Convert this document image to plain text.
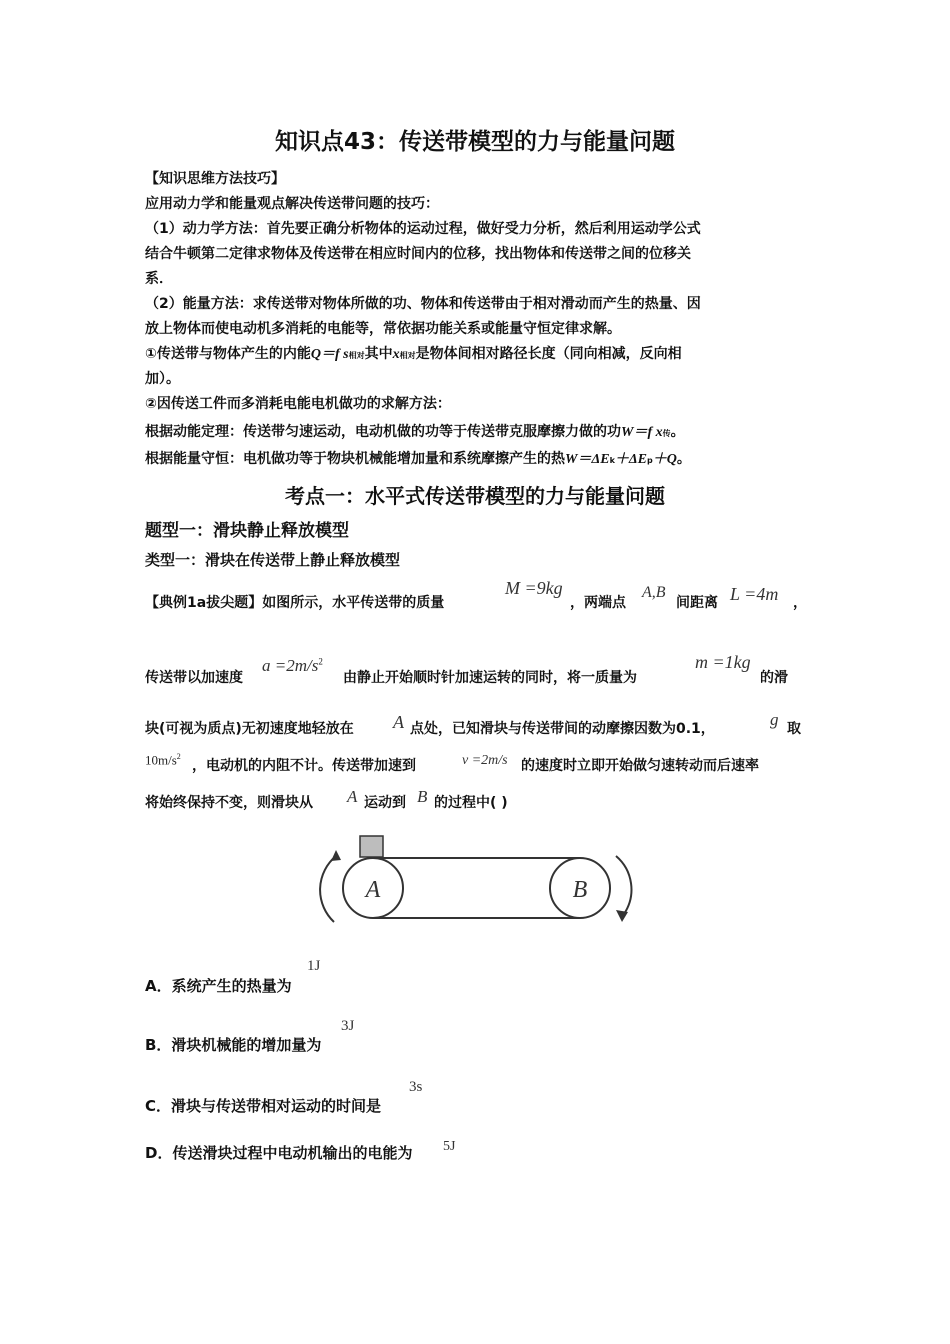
知识点43：传送带模型的力与能量问题
【知识思维方法技巧】
应用动力学和能量观点解决传送带问题的技巧：
（1）动力学方法：首先要正确分析物体的运动过程，做好受力分析，然后利用运动学公式
结合牛顿第二定律求物体及传送带在相应时间内的位移，找出物体和传送带之间的位移关
系．
（2）能量方法：求传送带对物体所做的功、物体和传送带由于相对滑动而产生的热量、因
放上物体而使电动机多消耗的电能等，常依据功能关系或能量守恒定律求解。
①传送带与物体产生的内能Q＝f s相对其中x相对是物体间相对路径长度（同向相减，反向相
加）。
②因传送工件而多消耗电能电机做功的求解方法：
根据动能定理：传送带匀速运动，电动机做的功等于传送带克服摩擦力做的功W＝f x传。
根据能量守恒：电机做功等于物块机械能增加量和系统摩擦产生的热W＝ΔEk＋ΔEp＋Q。
考点一：水平式传送带模型的力与能量问题
题型一：滑块静止释放模型
类型一：滑块在传送带上静止释放模型
【典例1a拔尖题】如图所示，水平传送带的质量
M =9kg
，两端点
A,B
间距离 L =4m ，
传送带以加速度
$a =2m/s^2$
由静止开始顺时针加速运转的同时，将一质量为
m =1kg
的滑
块(可视为质点)无初速度地轻放在 A 点处，已知滑块与传送带间的动摩擦因数为0.1，	g 取
$10m/s^2$
，电动机的内阻不计。传送带加速到	v =2m/s 的速度时立即开始做匀速转动而后速率
将始终保持不变，则滑块从 A 运动到 B 的过程中( )
A	B
A．系统产生的热量为
1J
B．滑块机械能的增加量为
3J
C．滑块与传送带相对运动的时间是
3s
D．传送滑块过程中电动机输出的电能为 5J
